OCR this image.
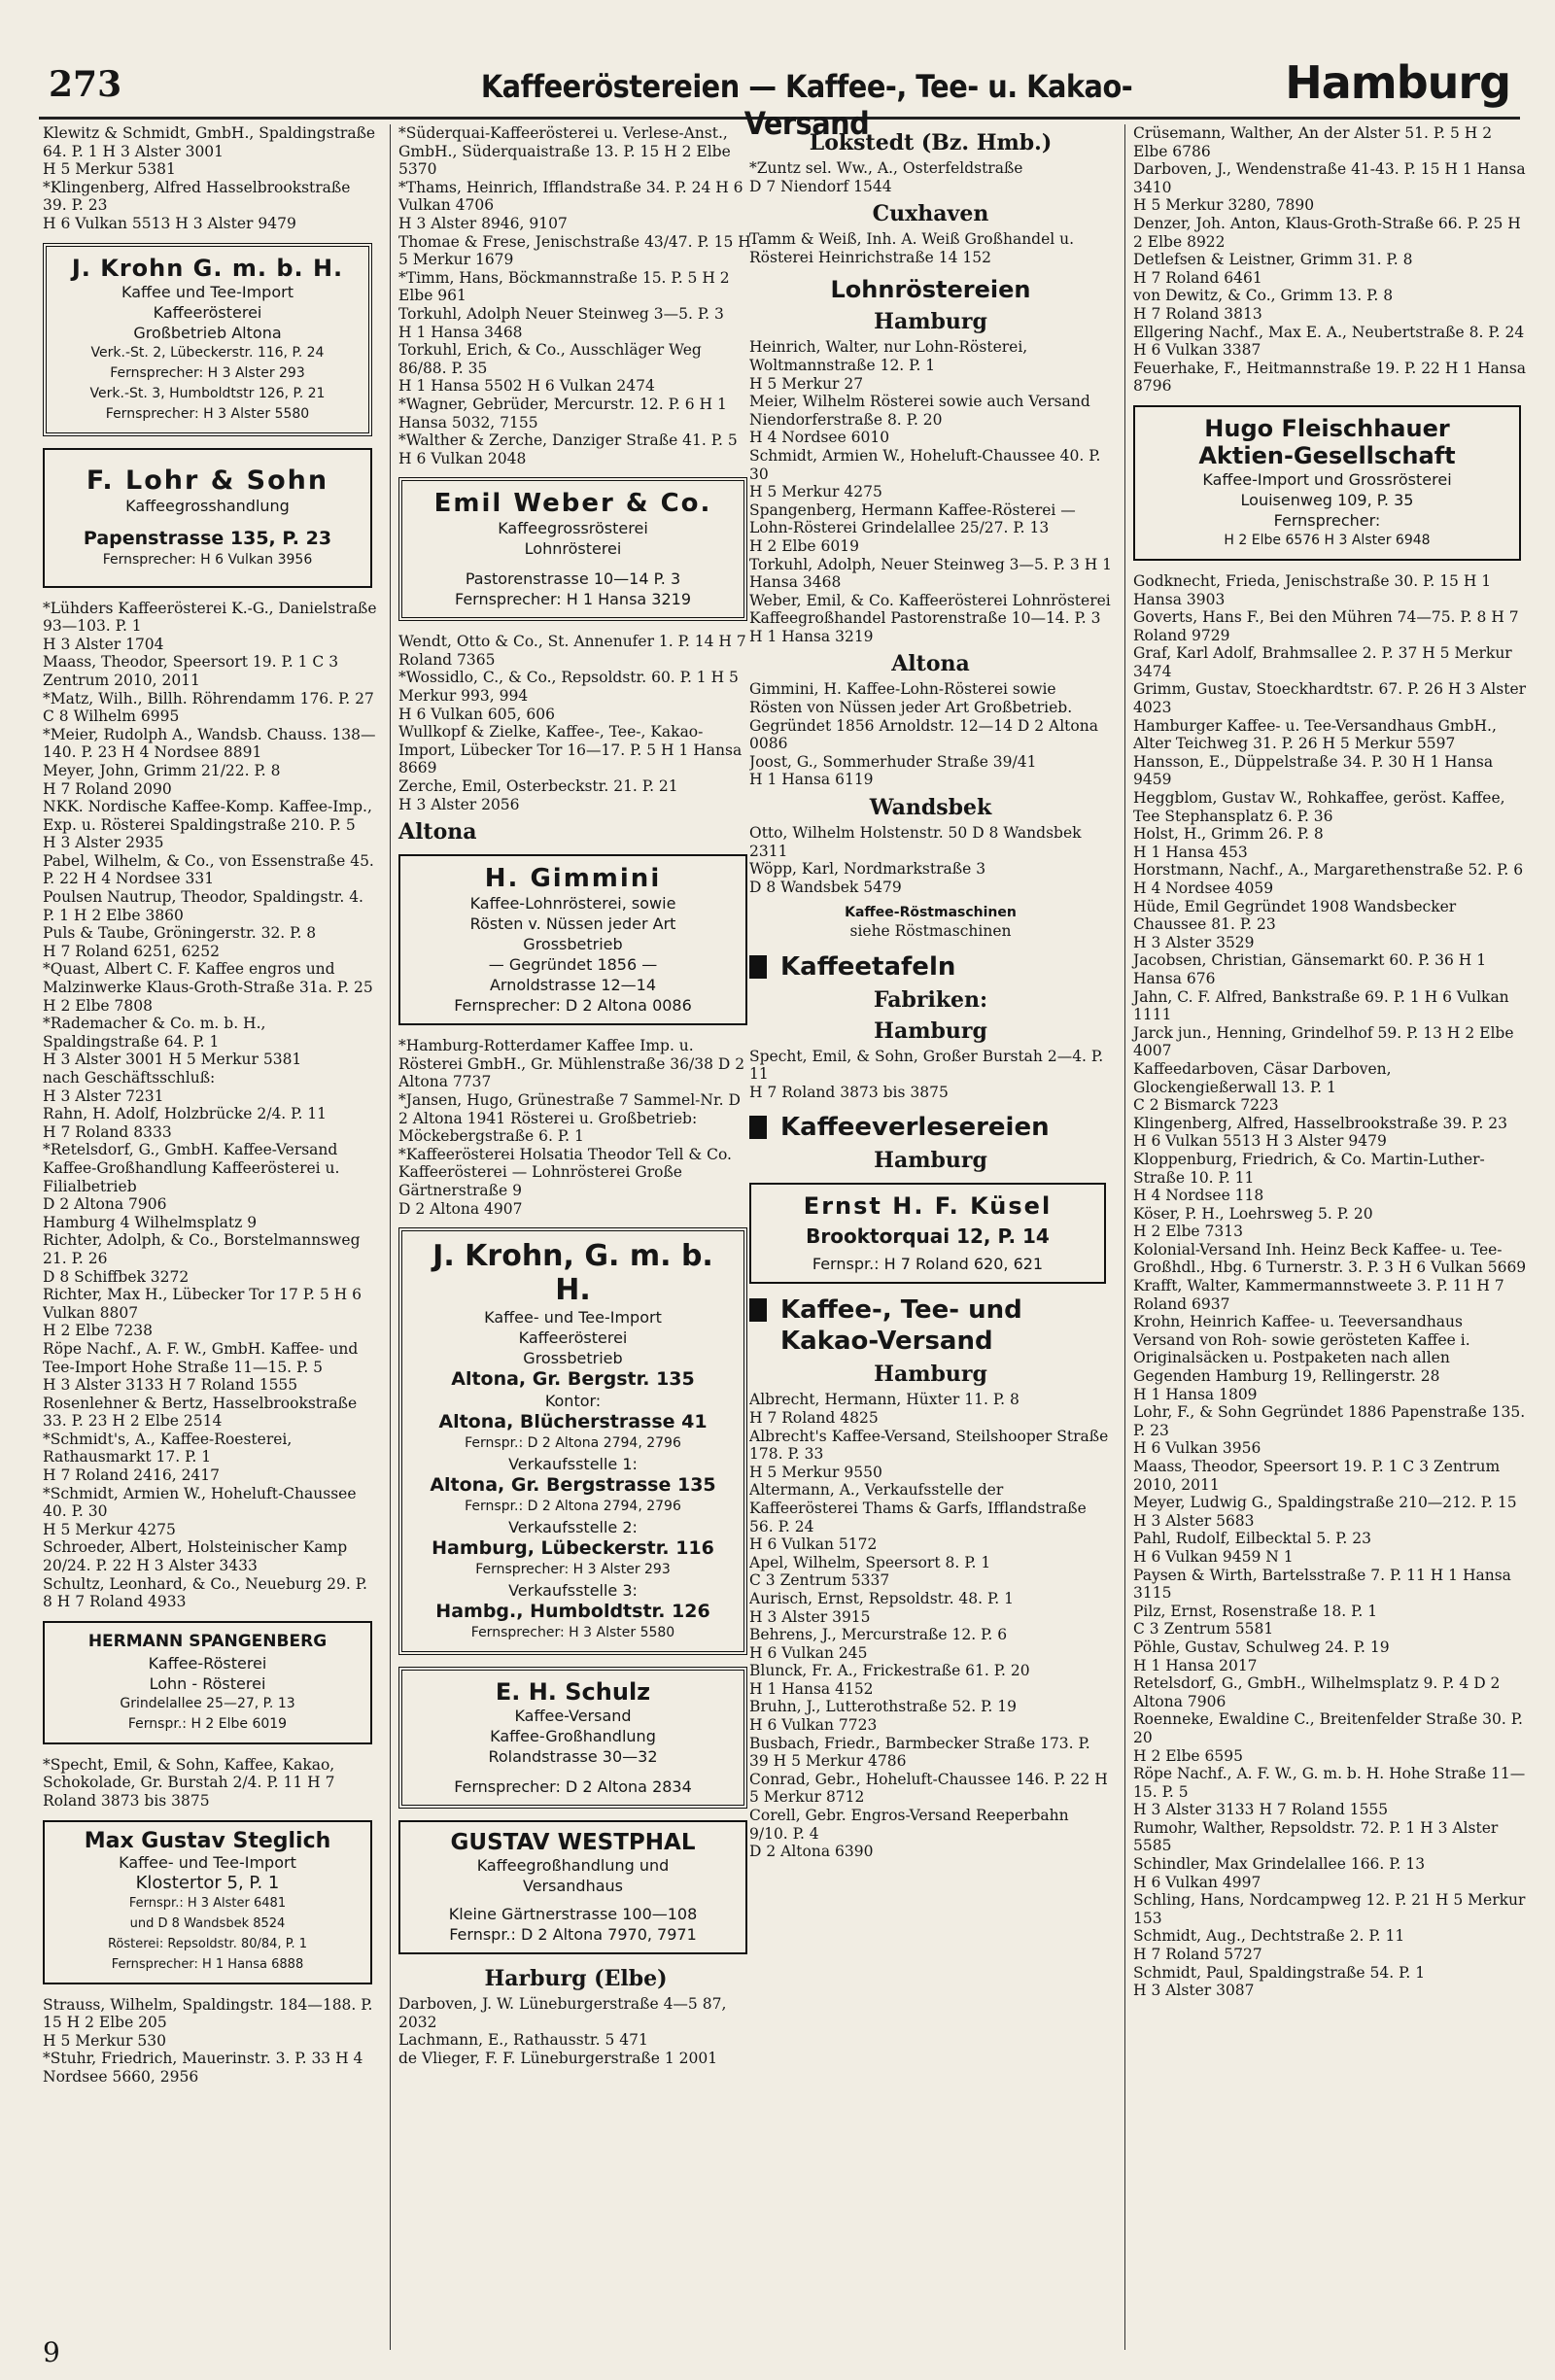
273	Kaffeeröstereien — Kaffee-, Tee- u. Kakao-Versand
Hamburg

Klewitz & Schmidt, GmbH., Spaldingstraße 64. P. 1 H 3 Alster 3001
H 5 Merkur 5381

*Klingenberg, Alfred Hasselbrookstraße 39. P. 23
H 6 Vulkan 5513 H 3 Alster 9479

J. Krohn G. m. b. H.
Kaffee und Tee-Import
Kaffeerösterei
Großbetrieb Altona
Verk.-St. 2, Lübeckerstr. 116, P. 24
Fernsprecher: H 3 Alster 293
Verk.-St. 3, Humboldtstr 126, P. 21
Fernsprecher: H 3 Alster 5580
F. Lohr & Sohn
Kaffeegrosshandlung
Papenstrasse 135, P. 23
Fernsprecher: H 6 Vulkan 3956

*Lühders Kaffeerösterei K.-G., Danielstraße 93—103. P. 1
H 3 Alster 1704

Maass, Theodor, Speersort 19. P. 1 C 3 Zentrum 2010, 2011

*Matz, Wilh., Billh. Röhrendamm 176. P. 27 C 8 Wilhelm 6995

*Meier, Rudolph A., Wandsb. Chauss. 138—140. P. 23 H 4 Nordsee 8891

Meyer, John, Grimm 21/22. P. 8
H 7 Roland 2090

NKK. Nordische Kaffee-Komp. Kaffee-Imp., Exp. u. Rösterei Spaldingstraße 210. P. 5
H 3 Alster 2935

Pabel, Wilhelm, & Co., von Essenstraße 45. P. 22 H 4 Nordsee 331

Poulsen Nautrup, Theodor, Spaldingstr. 4. P. 1 H 2 Elbe 3860

Puls & Taube, Gröningerstr. 32. P. 8
H 7 Roland 6251, 6252

*Quast, Albert C. F. Kaffee engros und Malzinwerke Klaus-Groth-Straße 31a. P. 25
H 2 Elbe 7808

*Rademacher & Co. m. b. H., Spaldingstraße 64. P. 1
H 3 Alster 3001 H 5 Merkur 5381
nach Geschäftsschluß:
H 3 Alster 7231

Rahn, H. Adolf, Holzbrücke 2/4. P. 11
H 7 Roland 8333

*Retelsdorf, G., GmbH. Kaffee-Versand Kaffee-Großhandlung Kaffeerösterei u. Filialbetrieb
D 2 Altona 7906
Hamburg 4 Wilhelmsplatz 9

Richter, Adolph, & Co., Borstelmannsweg 21. P. 26
D 8 Schiffbek 3272

Richter, Max H., Lübecker Tor 17 P. 5 H 6 Vulkan 8807
H 2 Elbe 7238

Röpe Nachf., A. F. W., GmbH. Kaffee- und Tee-Import Hohe Straße 11—15. P. 5
H 3 Alster 3133 H 7 Roland 1555

Rosenlehner & Bertz, Hasselbrookstraße 33. P. 23 H 2 Elbe 2514

*Schmidt's, A., Kaffee-Roesterei, Rathausmarkt 17. P. 1
H 7 Roland 2416, 2417

*Schmidt, Armien W., Hoheluft-Chaussee 40. P. 30
H 5 Merkur 4275

Schroeder, Albert, Holsteinischer Kamp 20/24. P. 22 H 3 Alster 3433

Schultz, Leonhard, & Co., Neueburg 29. P. 8 H 7 Roland 4933

HERMANN SPANGENBERG
Kaffee-Rösterei
Lohn - Rösterei
Grindelallee 25—27, P. 13
Fernspr.: H 2 Elbe 6019

*Specht, Emil, & Sohn, Kaffee, Kakao, Schokolade, Gr. Burstah 2/4. P. 11 H 7 Roland 3873 bis 3875

Max Gustav Steglich
Kaffee- und Tee-Import
Klostertor 5, P. 1
Fernspr.: H 3 Alster 6481
und D 8 Wandsbek 8524
Rösterei: Repsoldstr. 80/84, P. 1
Fernsprecher: H 1 Hansa 6888

Strauss, Wilhelm, Spaldingstr. 184—188. P. 15 H 2 Elbe 205
H 5 Merkur 530

*Stuhr, Friedrich, Mauerinstr. 3. P. 33 H 4 Nordsee 5660, 2956

*Süderquai-Kaffeerösterei u. Verlese-Anst., GmbH., Süderquaistraße 13. P. 15 H 2 Elbe 5370

*Thams, Heinrich, Ifflandstraße 34. P. 24 H 6 Vulkan 4706
H 3 Alster 8946, 9107

Thomae & Frese, Jenischstraße 43/47. P. 15 H 5 Merkur 1679

*Timm, Hans, Böckmannstraße 15. P. 5 H 2 Elbe 961

Torkuhl, Adolph Neuer Steinweg 3—5. P. 3
H 1 Hansa 3468

Torkuhl, Erich, & Co., Ausschläger Weg 86/88. P. 35
H 1 Hansa 5502 H 6 Vulkan 2474

*Wagner, Gebrüder, Mercurstr. 12. P. 6 H 1 Hansa 5032, 7155

*Walther & Zerche, Danziger Straße 41. P. 5 H 6 Vulkan 2048

Emil Weber & Co.
Kaffeegrossrösterei
Lohnrösterei
Pastorenstrasse 10—14 P. 3
Fernsprecher: H 1 Hansa 3219

Wendt, Otto & Co., St. Annenufer 1. P. 14 H 7 Roland 7365

*Wossidlo, C., & Co., Repsoldstr. 60. P. 1 H 5 Merkur 993, 994
H 6 Vulkan 605, 606

Wullkopf & Zielke, Kaffee-, Tee-, Kakao-Import, Lübecker Tor 16—17. P. 5 H 1 Hansa 8669

Zerche, Emil, Osterbeckstr. 21. P. 21
H 3 Alster 2056

Altona
H. Gimmini
Kaffee-Lohnrösterei, sowie
Rösten v. Nüssen jeder Art
Grossbetrieb
— Gegründet 1856 —
Arnoldstrasse 12—14
Fernsprecher: D 2 Altona 0086

*Hamburg-Rotterdamer Kaffee Imp. u. Rösterei GmbH., Gr. Mühlenstraße 36/38 D 2 Altona 7737

*Jansen, Hugo, Grünestraße 7 Sammel-Nr. D 2 Altona 1941 Rösterei u. Großbetrieb: Möckebergstraße 6. P. 1

*Kaffeerösterei Holsatia Theodor Tell & Co. Kaffeerösterei — Lohnrösterei Große Gärtnerstraße 9
D 2 Altona 4907

J. Krohn, G. m. b. H.
Kaffee- und Tee-Import
Kaffeerösterei
Grossbetrieb
Altona, Gr. Bergstr. 135
Kontor:
Altona, Blücherstrasse 41
Fernspr.: D 2 Altona 2794, 2796
Verkaufsstelle 1:
Altona, Gr. Bergstrasse 135
Fernspr.: D 2 Altona 2794, 2796
Verkaufsstelle 2:
Hamburg, Lübeckerstr. 116
Fernsprecher: H 3 Alster 293
Verkaufsstelle 3:
Hambg., Humboldtstr. 126
Fernsprecher: H 3 Alster 5580
E. H. Schulz
Kaffee-Versand
Kaffee-Großhandlung
Rolandstrasse 30—32
Fernsprecher: D 2 Altona 2834
GUSTAV WESTPHAL
Kaffeegroßhandlung und
Versandhaus
Kleine Gärtnerstrasse 100—108
Fernspr.: D 2 Altona 7970, 7971
Harburg (Elbe)

Darboven, J. W. Lüneburgerstraße 4—5 87, 2032

Lachmann, E., Rathausstr. 5 471

de Vlieger, F. F. Lüneburgerstraße 1 2001

Lokstedt (Bz. Hmb.)

*Zuntz sel. Ww., A., Osterfeldstraße
D 7 Niendorf 1544

Cuxhaven

Tamm & Weiß, Inh. A. Weiß Großhandel u. Rösterei Heinrichstraße 14 152

Lohnröstereien
Hamburg

Heinrich, Walter, nur Lohn-Rösterei, Woltmannstraße 12. P. 1
H 5 Merkur 27

Meier, Wilhelm Rösterei sowie auch Versand Niendorferstraße 8. P. 20
H 4 Nordsee 6010

Schmidt, Armien W., Hoheluft-Chaussee 40. P. 30
H 5 Merkur 4275

Spangenberg, Hermann Kaffee-Rösterei — Lohn-Rösterei Grindelallee 25/27. P. 13
H 2 Elbe 6019

Torkuhl, Adolph, Neuer Steinweg 3—5. P. 3 H 1 Hansa 3468

Weber, Emil, & Co. Kaffeerösterei Lohnrösterei Kaffeegroßhandel Pastorenstraße 10—14. P. 3
H 1 Hansa 3219

Altona

Gimmini, H. Kaffee-Lohn-Rösterei sowie Rösten von Nüssen jeder Art Großbetrieb. Gegründet 1856 Arnoldstr. 12—14 D 2 Altona 0086

Joost, G., Sommerhuder Straße 39/41
H 1 Hansa 6119

Wandsbek

Otto, Wilhelm Holstenstr. 50 D 8 Wandsbek 2311

Wöpp, Karl, Nordmarkstraße 3
D 8 Wandsbek 5479

Kaffee-Röstmaschinen
siehe Röstmaschinen
Kaffeetafeln
Fabriken:
Hamburg

Specht, Emil, & Sohn, Großer Burstah 2—4. P. 11
H 7 Roland 3873 bis 3875

Kaffeeverlesereien
Hamburg
Ernst H. F. Küsel
Brooktorquai 12, P. 14
Fernspr.: H 7 Roland 620, 621
Kaffee-, Tee- und
Kakao-Versand
Hamburg

Albrecht, Hermann, Hüxter 11. P. 8
H 7 Roland 4825

Albrecht's Kaffee-Versand, Steilshooper Straße 178. P. 33
H 5 Merkur 9550

Altermann, A., Verkaufsstelle der Kaffeerösterei Thams & Garfs, Ifflandstraße 56. P. 24
H 6 Vulkan 5172

Apel, Wilhelm, Speersort 8. P. 1
C 3 Zentrum 5337

Aurisch, Ernst, Repsoldstr. 48. P. 1
H 3 Alster 3915

Behrens, J., Mercurstraße 12. P. 6
H 6 Vulkan 245

Blunck, Fr. A., Frickestraße 61. P. 20
H 1 Hansa 4152

Bruhn, J., Lutterothstraße 52. P. 19
H 6 Vulkan 7723

Busbach, Friedr., Barmbecker Straße 173. P. 39 H 5 Merkur 4786

Conrad, Gebr., Hoheluft-Chaussee 146. P. 22 H 5 Merkur 8712

Corell, Gebr. Engros-Versand Reeperbahn 9/10. P. 4
D 2 Altona 6390

Crüsemann, Walther, An der Alster 51. P. 5 H 2 Elbe 6786

Darboven, J., Wendenstraße 41-43. P. 15 H 1 Hansa 3410
H 5 Merkur 3280, 7890

Denzer, Joh. Anton, Klaus-Groth-Straße 66. P. 25 H 2 Elbe 8922

Detlefsen & Leistner, Grimm 31. P. 8
H 7 Roland 6461

von Dewitz, & Co., Grimm 13. P. 8
H 7 Roland 3813

Ellgering Nachf., Max E. A., Neubertstraße 8. P. 24 H 6 Vulkan 3387

Feuerhake, F., Heitmannstraße 19. P. 22 H 1 Hansa 8796

Hugo Fleischhauer
Aktien-Gesellschaft
Kaffee-Import und Grossrösterei
Louisenweg 109, P. 35
Fernsprecher:
H 2 Elbe 6576 H 3 Alster 6948

Godknecht, Frieda, Jenischstraße 30. P. 15 H 1 Hansa 3903

Goverts, Hans F., Bei den Mühren 74—75. P. 8 H 7 Roland 9729

Graf, Karl Adolf, Brahmsallee 2. P. 37 H 5 Merkur 3474

Grimm, Gustav, Stoeckhardtstr. 67. P. 26 H 3 Alster 4023

Hamburger Kaffee- u. Tee-Versandhaus GmbH., Alter Teichweg 31. P. 26 H 5 Merkur 5597

Hansson, E., Düppelstraße 34. P. 30 H 1 Hansa 9459

Heggblom, Gustav W., Rohkaffee, geröst. Kaffee, Tee Stephansplatz 6. P. 36

Holst, H., Grimm 26. P. 8
H 1 Hansa 453

Horstmann, Nachf., A., Margarethenstraße 52. P. 6 H 4 Nordsee 4059

Hüde, Emil Gegründet 1908 Wandsbecker Chaussee 81. P. 23
H 3 Alster 3529

Jacobsen, Christian, Gänsemarkt 60. P. 36 H 1 Hansa 676

Jahn, C. F. Alfred, Bankstraße 69. P. 1 H 6 Vulkan 1111

Jarck jun., Henning, Grindelhof 59. P. 13 H 2 Elbe 4007

Kaffeedarboven, Cäsar Darboven, Glockengießerwall 13. P. 1
C 2 Bismarck 7223

Klingenberg, Alfred, Hasselbrookstraße 39. P. 23
H 6 Vulkan 5513 H 3 Alster 9479

Kloppenburg, Friedrich, & Co. Martin-Luther-Straße 10. P. 11
H 4 Nordsee 118

Köser, P. H., Loehrsweg 5. P. 20
H 2 Elbe 7313

Kolonial-Versand Inh. Heinz Beck Kaffee- u. Tee-Großhdl., Hbg. 6 Turnerstr. 3. P. 3 H 6 Vulkan 5669

Krafft, Walter, Kammermannstweete 3. P. 11 H 7 Roland 6937

Krohn, Heinrich Kaffee- u. Teeversandhaus Versand von Roh- sowie gerösteten Kaffee i. Originalsäcken u. Postpaketen nach allen Gegenden Hamburg 19, Rellingerstr. 28
H 1 Hansa 1809

Lohr, F., & Sohn Gegründet 1886 Papenstraße 135. P. 23
H 6 Vulkan 3956

Maass, Theodor, Speersort 19. P. 1 C 3 Zentrum 2010, 2011

Meyer, Ludwig G., Spaldingstraße 210—212. P. 15 H 3 Alster 5683

Pahl, Rudolf, Eilbecktal 5. P. 23
H 6 Vulkan 9459 N 1

Paysen & Wirth, Bartelsstraße 7. P. 11 H 1 Hansa 3115

Pilz, Ernst, Rosenstraße 18. P. 1
C 3 Zentrum 5581

Pöhle, Gustav, Schulweg 24. P. 19
H 1 Hansa 2017

Retelsdorf, G., GmbH., Wilhelmsplatz 9. P. 4 D 2 Altona 7906

Roenneke, Ewaldine C., Breitenfelder Straße 30. P. 20
H 2 Elbe 6595

Röpe Nachf., A. F. W., G. m. b. H. Hohe Straße 11—15. P. 5
H 3 Alster 3133 H 7 Roland 1555

Rumohr, Walther, Repsoldstr. 72. P. 1 H 3 Alster 5585

Schindler, Max Grindelallee 166. P. 13
H 6 Vulkan 4997

Schling, Hans, Nordcampweg 12. P. 21 H 5 Merkur 153

Schmidt, Aug., Dechtstraße 2. P. 11
H 7 Roland 5727

Schmidt, Paul, Spaldingstraße 54. P. 1
H 3 Alster 3087

9
